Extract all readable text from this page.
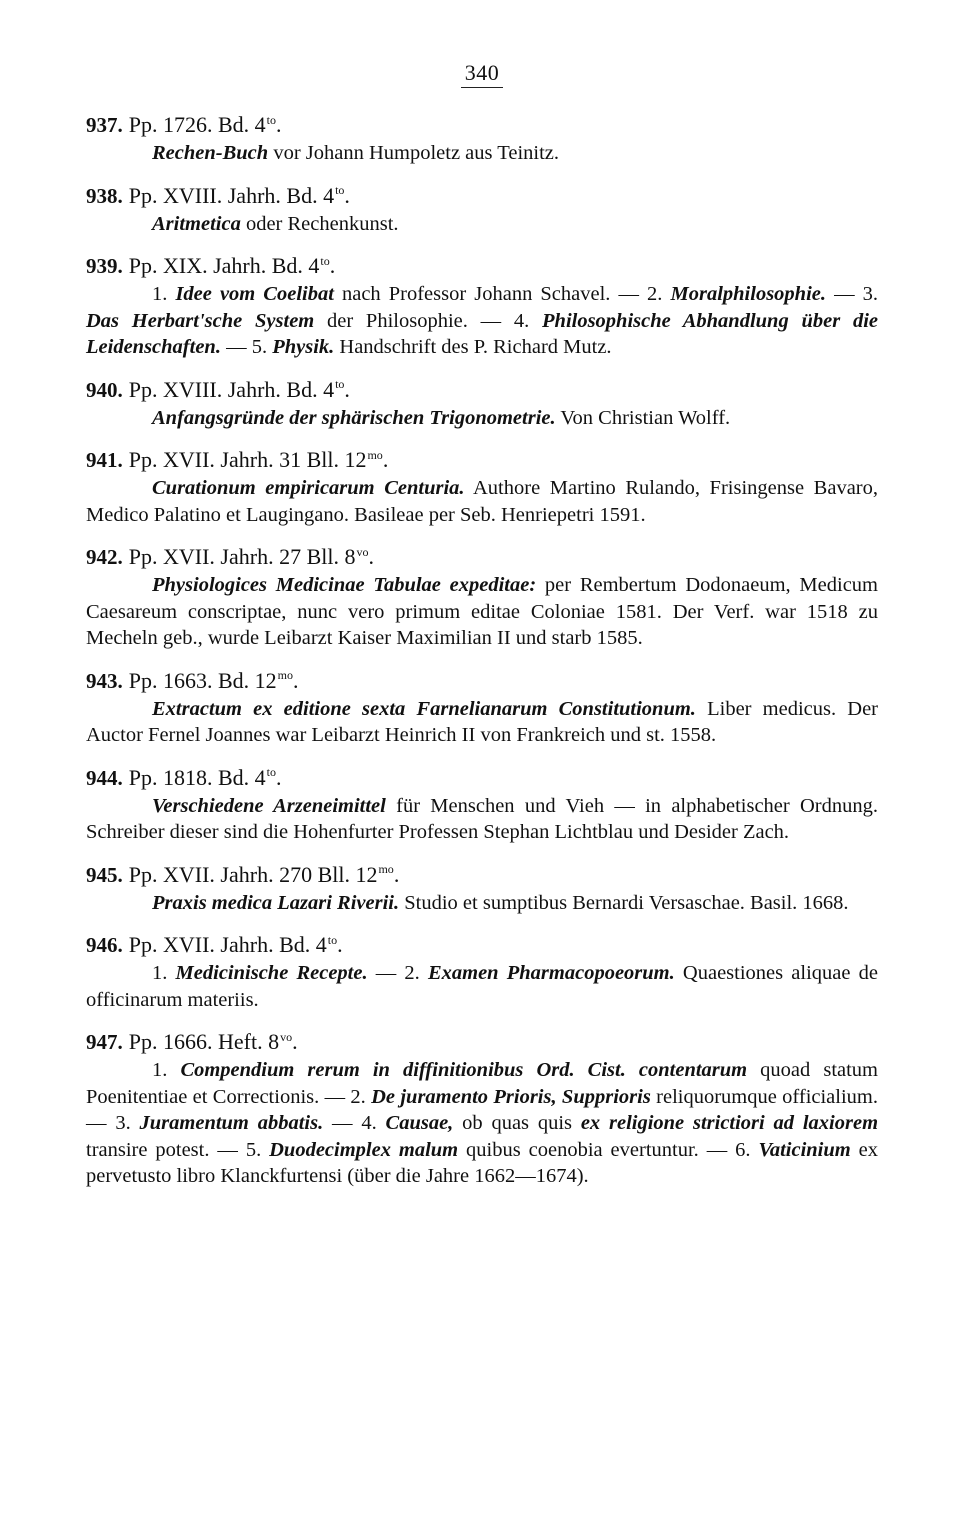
340

937. Pp. 1726. Bd. $4^{to}$.

Rechen-Buch vor Johann Humpoletz aus Teinitz.

938. Pp. XVIII. Jahrh. Bd. $4^{to}$.

Aritmetica oder Rechenkunst.

939. Pp. XIX. Jahrh. Bd. $4^{to}$.

1. Idee vom Coelibat nach Professor Johann Schavel. — 2. Moralphilosophie. — 3. Das Herbart'sche System der Philosophie. — 4. Philosophische Abhandlung über die Leidenschaften. — 5. Physik. Handschrift des P. Richard Mutz.

940. Pp. XVIII. Jahrh. Bd. $4^{to}$.

Anfangsgründe der sphärischen Trigonometrie. Von Christian Wolff.

941. Pp. XVII. Jahrh. 31 Bll. $12^{mo}$.

Curationum empiricarum Centuria. Authore Martino Rulando, Frisingense Bavaro, Medico Palatino et Laugingano. Basileae per Seb. Henriepetri 1591.

942. Pp. XVII. Jahrh. 27 Bll. $8^{vo}$.

Physiologices Medicinae Tabulae expeditae: per Rembertum Dodonaeum, Medicum Caesareum conscriptae, nunc vero primum editae Coloniae 1581. Der Verf. war 1518 zu Mecheln geb., wurde Leibarzt Kaiser Maximilian II und starb 1585.

943. Pp. 1663. Bd. $12^{mo}$.

Extractum ex editione sexta Farnelianarum Constitutionum. Liber medicus. Der Auctor Fernel Joannes war Leibarzt Heinrich II von Frankreich und st. 1558.

944. Pp. 1818. Bd. $4^{to}$.

Verschiedene Arzeneimittel für Menschen und Vieh — in alphabetischer Ordnung. Schreiber dieser sind die Hohenfurter Professen Stephan Lichtblau und Desider Zach.

945. Pp. XVII. Jahrh. 270 Bll. $12^{mo}$.

Praxis medica Lazari Riverii. Studio et sumptibus Bernardi Versaschae. Basil. 1668.

946. Pp. XVII. Jahrh. Bd. $4^{to}$.

1. Medicinische Recepte. — 2. Examen Pharmacopoeorum. Quaestiones aliquae de officinarum materiis.

947. Pp. 1666. Heft. $8^{vo}$.

1. Compendium rerum in diffinitionibus Ord. Cist. contentarum quoad statum Poenitentiae et Correctionis. — 2. De juramento Prioris, Supprioris reliquorumque officialium. — 3. Juramentum abbatis. — 4. Causae, ob quas quis ex religione strictiori ad laxiorem transire potest. — 5. Duodecimplex malum quibus coenobia evertuntur. — 6. Vaticinium ex pervetusto libro Klanckfurtensi (über die Jahre 1662—1674).
